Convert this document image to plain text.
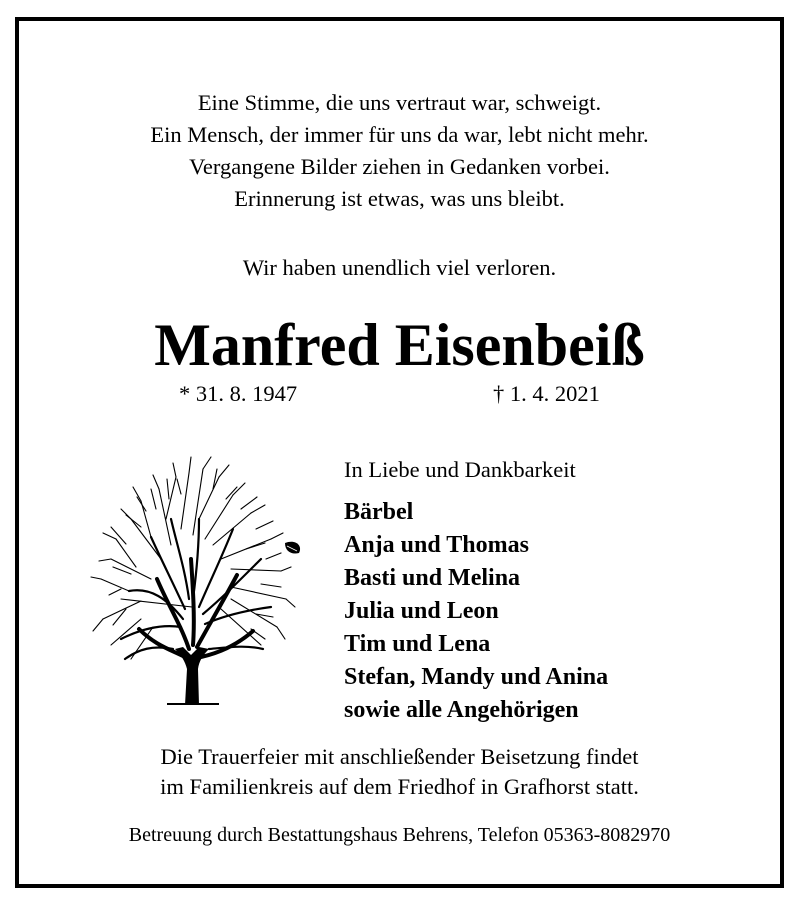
Eine Stimme, die uns vertraut war, schweigt.
Ein Mensch, der immer für uns da war, lebt nicht mehr.
Vergangene Bilder ziehen in Gedanken vorbei.
Erinnerung ist etwas, was uns bleibt.
Wir haben unendlich viel verloren.
Manfred Eisenbeiß
* 31. 8. 1947	† 1. 4. 2021
In Liebe und Dankbarkeit
Bärbel
Anja und Thomas
Basti und Melina
Julia und Leon
Tim und Lena
Stefan, Mandy und Anina
sowie alle Angehörigen
Die Trauerfeier mit anschließender Beisetzung findet
im Familienkreis auf dem Friedhof in Grafhorst statt.
Betreuung durch Bestattungshaus Behrens, Telefon 05363-8082970
